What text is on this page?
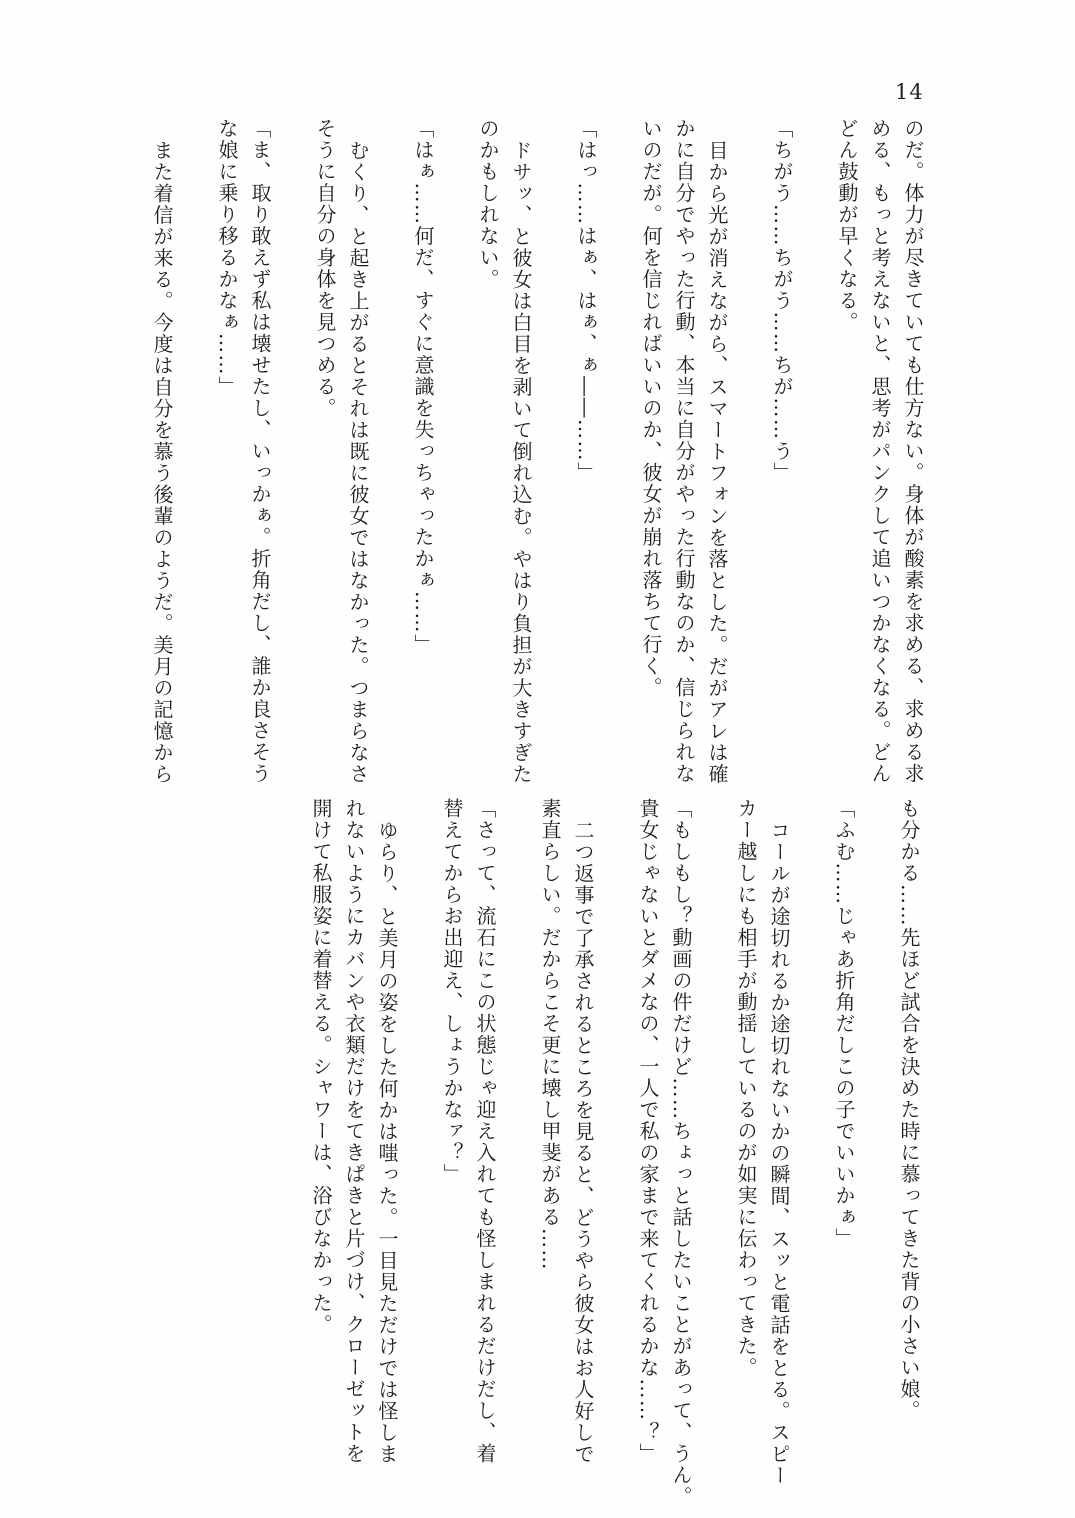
14
のだ。体力が尽きていても仕方ない。身体が酸素を求める、求める求
める、もっと考えないと、思考がパンクして追いつかなくなる。どん
どん鼓動が早くなる。
「ちがう……ちがう……ちが……う」
目から光が消えながら、スマートフォンを落とした。だがアレは確
かに自分でやった行動、本当に自分がやった行動なのか、信じられな
いのだが。何を信じればいいのか、彼女が崩れ落ちて行く。
「はっ……はぁ、はぁ、ぁ――……」
ドサッ、と彼女は白目を剥いて倒れ込む。やはり負担が大きすぎた
のかもしれない。
「はぁ……何だ、すぐに意識を失っちゃったかぁ……」
むくり、と起き上がるとそれは既に彼女ではなかった。つまらなさ
そうに自分の身体を見つめる。
「ま、取り敢えず私は壊せたし、いっかぁ。折角だし、誰か良さそう
な娘に乗り移るかなぁ……」
また着信が来る。今度は自分を慕う後輩のようだ。美月の記憶から
も分かる……先ほど試合を決めた時に慕ってきた背の小さい娘。
「ふむ……じゃあ折角だしこの子でいいかぁ」
コールが途切れるか途切れないかの瞬間、スッと電話をとる。スピー
カー越しにも相手が動揺しているのが如実に伝わってきた。
「もしもし？動画の件だけど……ちょっと話したいことがあって、うん。
貴女じゃないとダメなの、一人で私の家まで来てくれるかな……？」
二つ返事で了承されるところを見ると、どうやら彼女はお人好しで
素直らしい。だからこそ更に壊し甲斐がある……
「さって、流石にこの状態じゃ迎え入れても怪しまれるだけだし、着
替えてからお出迎え、しょうかなァ？」
ゆらり、と美月の姿をした何かは嗤った。一目見ただけでは怪しま
れないようにカバンや衣類だけをてきぱきと片づけ、クローゼットを
開けて私服姿に着替える。シャワーは、浴びなかった。
